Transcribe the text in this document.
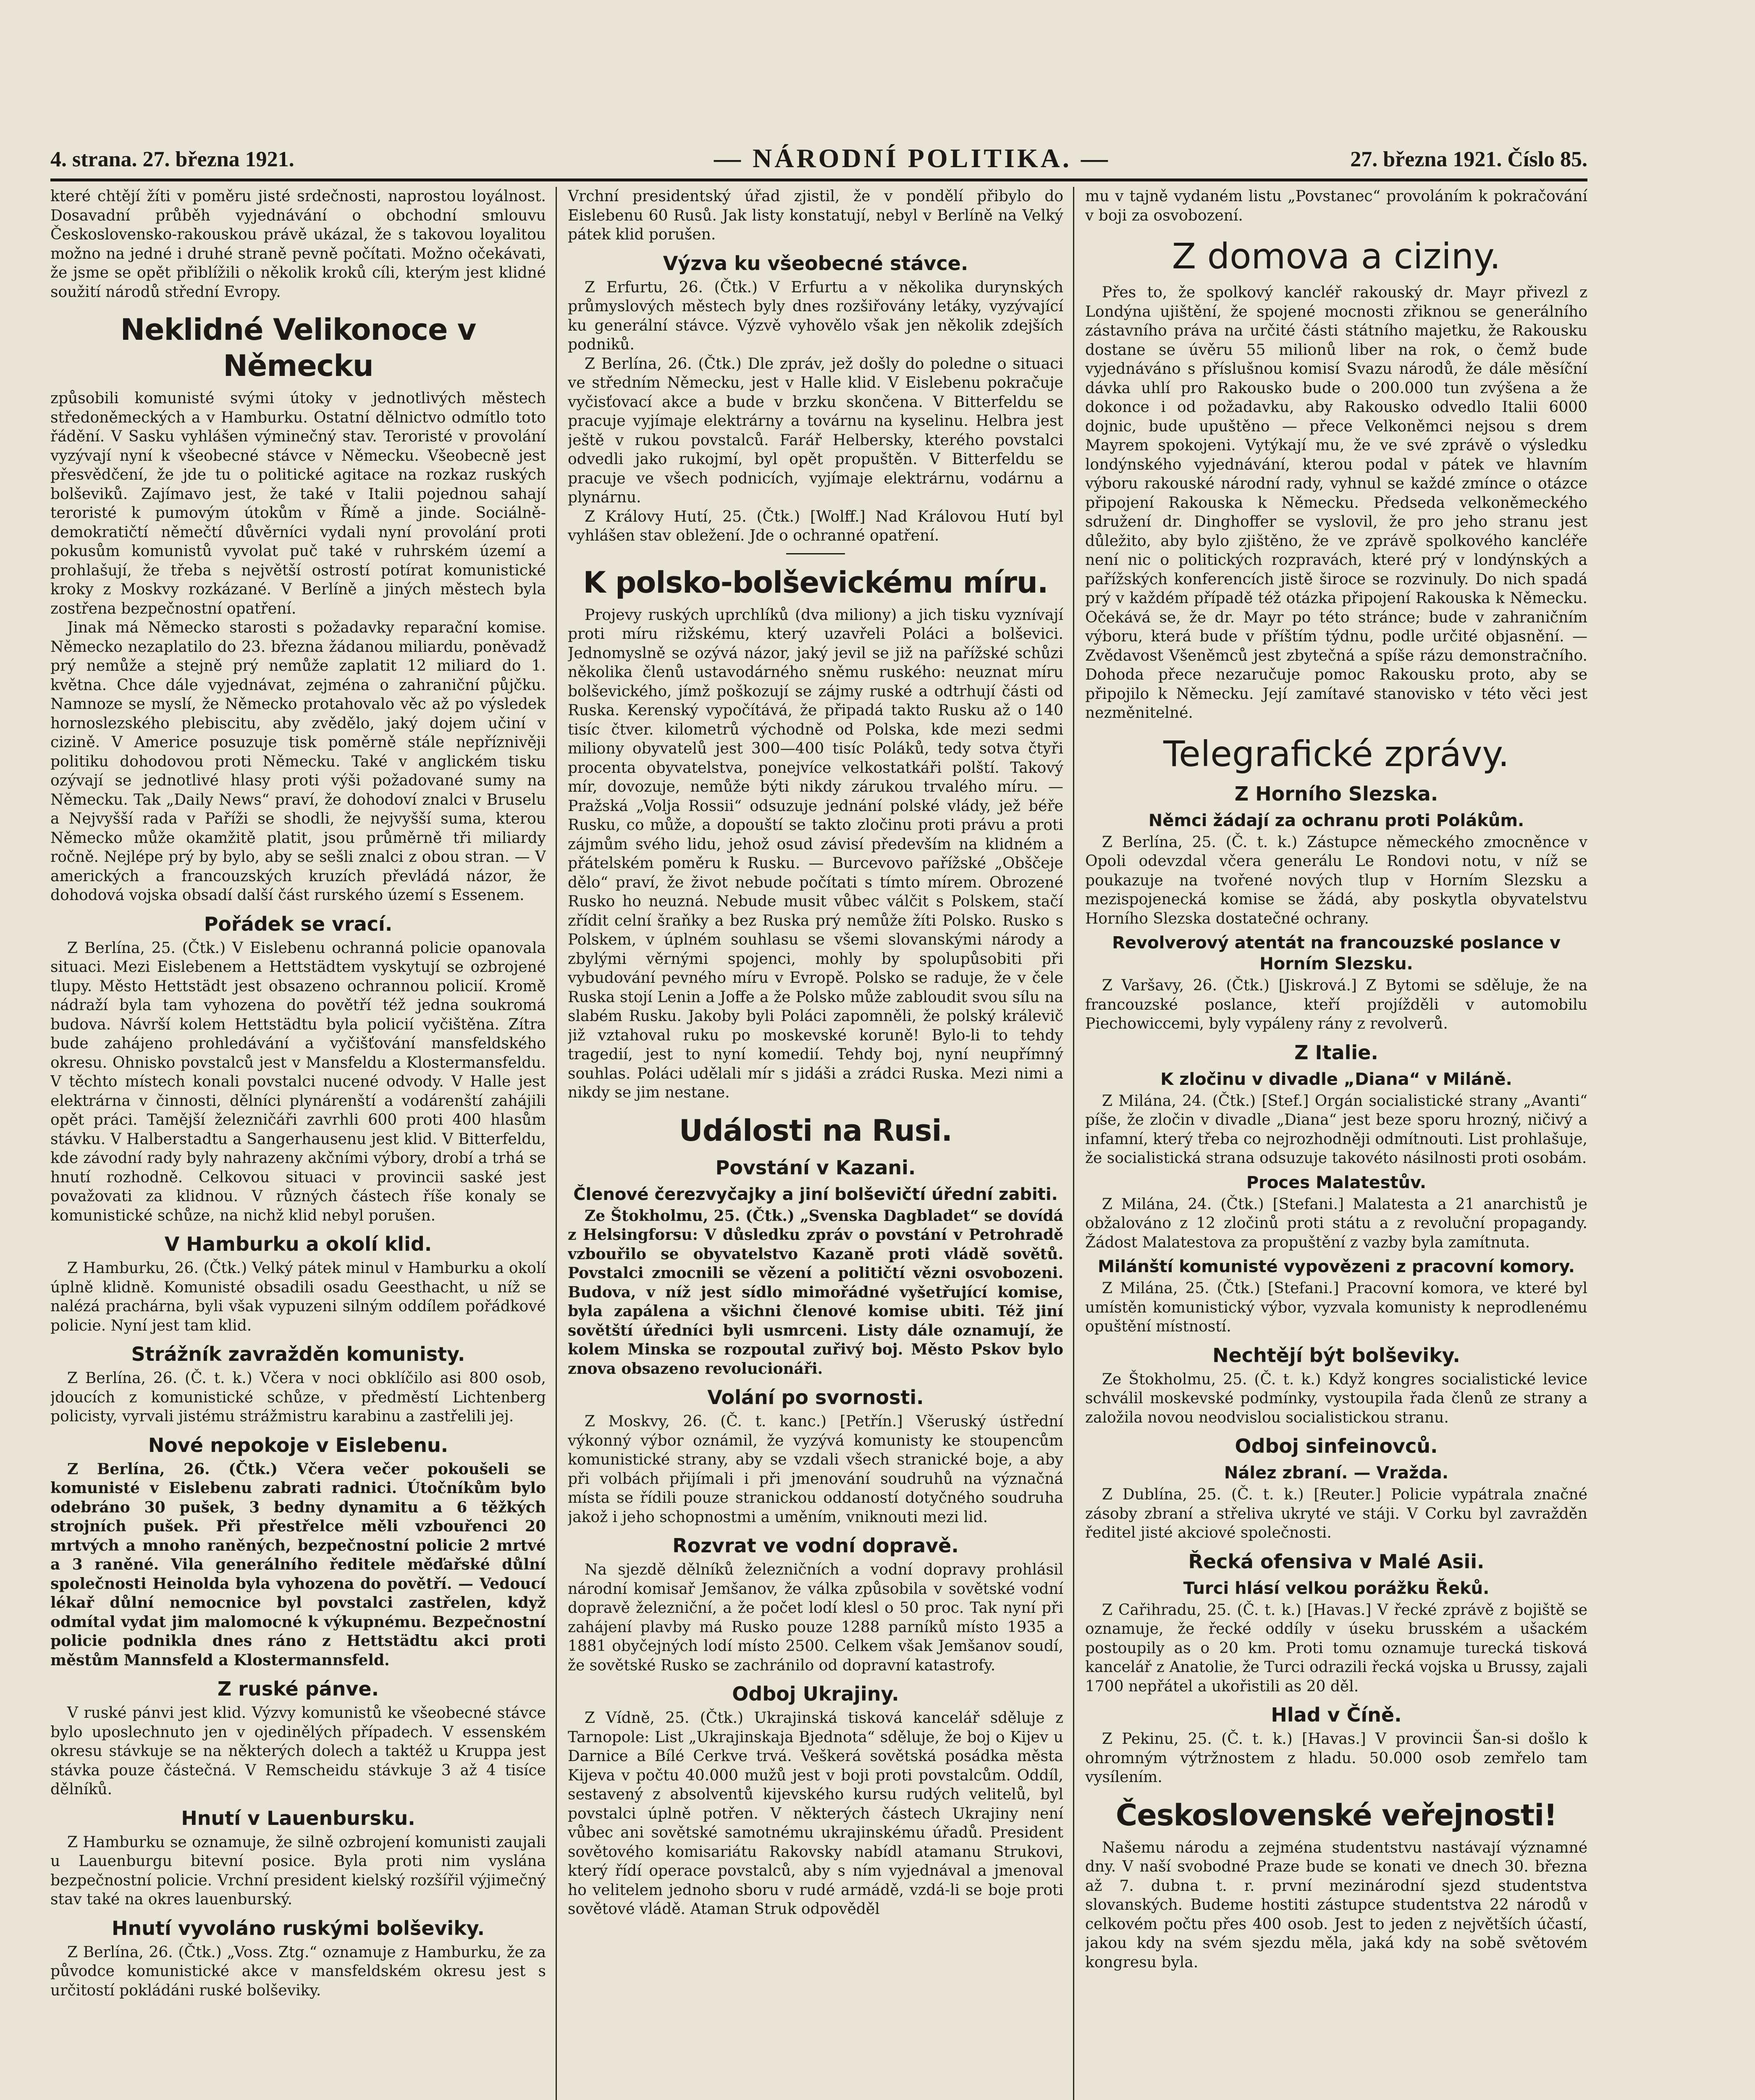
4. strana. 27. března 1921.	— NÁRODNÍ POLITIKA. —	27. března 1921. Číslo 85.

které chtějí žíti v poměru jisté srdečnosti, naprostou loyálnost. Dosavadní průběh vyjednávání o obchodní smlouvu Československo-rakouskou právě ukázal, že s takovou loyalitou možno na jedné i druhé straně pevně počítati. Možno očekávati, že jsme se opět přiblížili o několik kroků cíli, kterým jest klidné soužití národů střední Evropy.

Neklidné Velikonoce v Německu

způsobili komunisté svými útoky v jednotlivých městech středoněmeckých a v Hamburku. Ostatní dělnictvo odmítlo toto řádění. V Sasku vyhlášen výminečný stav. Teroristé v provolání vyzývají nyní k všeobecné stávce v Německu. Všeobecně jest přesvědčení, že jde tu o politické agitace na rozkaz ruských bolševiků. Zajímavo jest, že také v Italii pojednou sahají teroristé k pumovým útokům v Římě a jinde. Sociálně-demokratičtí němečtí důvěrníci vydali nyní provolání proti pokusům komunistů vyvolat puč také v ruhrském území a prohlašují, že třeba s největší ostrostí potírat komunistické kroky z Moskvy rozkázané. V Berlíně a jiných městech byla zostřena bezpečnostní opatření.

Jinak má Německo starosti s požadavky reparační komise. Německo nezaplatilo do 23. března žádanou miliardu, poněvadž prý nemůže a stejně prý nemůže zaplatit 12 miliard do 1. května. Chce dále vyjednávat, zejména o zahraniční půjčku. Namnoze se myslí, že Německo protahovalo věc až po výsledek hornoslezského plebiscitu, aby zvědělo, jaký dojem učiní v cizině. V Americe posuzuje tisk poměrně stále nepříznivěji politiku dohodovou proti Německu. Také v anglickém tisku ozývají se jednotlivé hlasy proti výši požadované sumy na Německu. Tak „Daily News“ praví, že dohodoví znalci v Bruselu a Nejvyšší rada v Paříži se shodli, že nejvyšší suma, kterou Německo může okamžitě platit, jsou průměrně tři miliardy ročně. Nejlépe prý by bylo, aby se sešli znalci z obou stran. — V amerických a francouzských kruzích převládá názor, že dohodová vojska obsadí další část rurského území s Essenem.

Pořádek se vrací.

Z Berlína, 25. (Čtk.) V Eislebenu ochranná policie opanovala situaci. Mezi Eislebenem a Hettstädtem vyskytují se ozbrojené tlupy. Město Hettstädt jest obsazeno ochrannou policií. Kromě nádraží byla tam vyhozena do povětří též jedna soukromá budova. Návrší kolem Hettstädtu byla policií vyčištěna. Zítra bude zahájeno prohledávání a vyčišťování mansfeldského okresu. Ohnisko povstalců jest v Mansfeldu a Klostermansfeldu. V těchto místech konali povstalci nucené odvody. V Halle jest elektrárna v činnosti, dělníci plynárenští a vodárenští zahájili opět práci. Tamější železničáři zavrhli 600 proti 400 hlasům stávku. V Halberstadtu a Sangerhausenu jest klid. V Bitterfeldu, kde závodní rady byly nahrazeny akčními výbory, drobí a trhá se hnutí rozhodně. Celkovou situaci v provincii saské jest považovati za klidnou. V různých částech říše konaly se komunistické schůze, na nichž klid nebyl porušen.

V Hamburku a okolí klid.

Z Hamburku, 26. (Čtk.) Velký pátek minul v Hamburku a okolí úplně klidně. Komunisté obsadili osadu Geesthacht, u níž se nalézá prachárna, byli však vypuzeni silným oddílem pořádkové policie. Nyní jest tam klid.

Strážník zavražděn komunisty.

Z Berlína, 26. (Č. t. k.) Včera v noci obklíčilo asi 800 osob, jdoucích z komunistické schůze, v předměstí Lichtenberg policisty, vyrvali jistému strážmistru karabinu a zastřelili jej.

Nové nepokoje v Eislebenu.

Z Berlína, 26. (Čtk.) Včera večer pokoušeli se komunisté v Eislebenu zabrati radnici. Útočníkům bylo odebráno 30 pušek, 3 bedny dynamitu a 6 těžkých strojních pušek. Při přestřelce měli vzbouřenci 20 mrtvých a mnoho raněných, bezpečnostní policie 2 mrtvé a 3 raněné. Vila generálního ředitele měďařské důlní společnosti Heinolda byla vyhozena do povětří. — Vedoucí lékař důlní nemocnice byl povstalci zastřelen, když odmítal vydat jim malomocné k výkupnému. Bezpečnostní policie podnikla dnes ráno z Hettstädtu akci proti městům Mannsfeld a Klostermannsfeld.

Z ruské pánve.

V ruské pánvi jest klid. Výzvy komunistů ke všeobecné stávce bylo uposlechnuto jen v ojedinělých případech. V essenském okresu stávkuje se na některých dolech a taktéž u Kruppa jest stávka pouze částečná. V Remscheidu stávkuje 3 až 4 tisíce dělníků.

Hnutí v Lauenbursku.

Z Hamburku se oznamuje, že silně ozbrojení komunisti zaujali u Lauenburgu bitevní posice. Byla proti nim vyslána bezpečnostní policie. Vrchní president kielský rozšířil výjimečný stav také na okres lauenburský.

Hnutí vyvoláno ruskými bolševiky.

Z Berlína, 26. (Čtk.) „Voss. Ztg.“ oznamuje z Hamburku, že za původce komunistické akce v mansfeldském okresu jest s určitostí pokládáni ruské bolševiky.

Vrchní presidentský úřad zjistil, že v pondělí přibylo do Eislebenu 60 Rusů. Jak listy konstatují, nebyl v Berlíně na Velký pátek klid porušen.

Výzva ku všeobecné stávce.

Z Erfurtu, 26. (Čtk.) V Erfurtu a v několika durynských průmyslových městech byly dnes rozšiřovány letáky, vyzývající ku generální stávce. Výzvě vyhovělo však jen několik zdejších podniků.

Z Berlína, 26. (Čtk.) Dle zpráv, jež došly do poledne o situaci ve středním Německu, jest v Halle klid. V Eislebenu pokračuje vyčisťovací akce a bude v brzku skončena. V Bitterfeldu se pracuje vyjímaje elektrárny a továrnu na kyselinu. Helbra jest ještě v rukou povstalců. Farář Helbersky, kterého povstalci odvedli jako rukojmí, byl opět propuštěn. V Bitterfeldu se pracuje ve všech podnicích, vyjímaje elektrárnu, vodárnu a plynárnu.

Z Královy Hutí, 25. (Čtk.) [Wolff.] Nad Královou Hutí byl vyhlášen stav obležení. Jde o ochranné opatření.

K polsko-bolševickému míru.

Projevy ruských uprchlíků (dva miliony) a jich tisku vyznívají proti míru rižskému, který uzavřeli Poláci a bolševici. Jednomyslně se ozývá názor, jaký jevil se již na pařížské schůzi několika členů ustavodárného sněmu ruského: neuznat míru bolševického, jímž poškozují se zájmy ruské a odtrhují části od Ruska. Kerenský vypočítává, že připadá takto Rusku až o 140 tisíc čtver. kilometrů východně od Polska, kde mezi sedmi miliony obyvatelů jest 300—400 tisíc Poláků, tedy sotva čtyři procenta obyvatelstva, ponejvíce velkostatkáři polští. Takový mír, dovozuje, nemůže býti nikdy zárukou trvalého míru. — Pražská „Volja Rossii“ odsuzuje jednání polské vlády, jež béře Rusku, co může, a dopouští se takto zločinu proti právu a proti zájmům svého lidu, jehož osud závisí především na klidném a přátelském poměru k Rusku. — Burcevovo pařížské „Obščeje dělo“ praví, že život nebude počítati s tímto mírem. Obrozené Rusko ho neuzná. Nebude musit vůbec válčit s Polskem, stačí zřídit celní šraňky a bez Ruska prý nemůže žíti Polsko. Rusko s Polskem, v úplném souhlasu se všemi slovanskými národy a zbylými věrnými spojenci, mohly by spolupůsobiti při vybudování pevného míru v Evropě. Polsko se raduje, že v čele Ruska stojí Lenin a Joffe a že Polsko může zabloudit svou sílu na slabém Rusku. Jakoby byli Poláci zapomněli, že polský králevič již vztahoval ruku po moskevské koruně! Bylo-li to tehdy tragedií, jest to nyní komedií. Tehdy boj, nyní neupřímný souhlas. Poláci udělali mír s jidáši a zrádci Ruska. Mezi nimi a nikdy se jim nestane.

Události na Rusi.
Povstání v Kazani.
Členové čerezvyčajky a jiní bolševičtí úřední zabiti.

Ze Štokholmu, 25. (Čtk.) „Svenska Dagbladet“ se dovídá z Helsingforsu: V důsledku zpráv o povstání v Petrohradě vzbouřilo se obyvatelstvo Kazaně proti vládě sovětů. Povstalci zmocnili se vězení a političtí vězni osvobozeni. Budova, v níž jest sídlo mimořádné vyšetřující komise, byla zapálena a všichni členové komise ubiti. Též jiní sovětští úředníci byli usmrceni. Listy dále oznamují, že kolem Minska se rozpoutal zuřivý boj. Město Pskov bylo znova obsazeno revolucionáři.

Volání po svornosti.

Z Moskvy, 26. (Č. t. kanc.) [Petřín.] Všeruský ústřední výkonný výbor oznámil, že vyzývá komunisty ke stoupencům komunistické strany, aby se vzdali všech stranické boje, a aby při volbách přijímali i při jmenování soudruhů na význačná místa se řídili pouze stranickou oddaností dotyčného soudruha jakož i jeho schopnostmi a uměním, vniknouti mezi lid.

Rozvrat ve vodní dopravě.

Na sjezdě dělníků železničních a vodní dopravy prohlásil národní komisař Jemšanov, že válka způsobila v sovětské vodní dopravě železniční, a že počet lodí klesl o 50 proc. Tak nyní při zahájení plavby má Rusko pouze 1288 parníků místo 1935 a 1881 obyčejných lodí místo 2500. Celkem však Jemšanov soudí, že sovětské Rusko se zachránilo od dopravní katastrofy.

Odboj Ukrajiny.

Z Vídně, 25. (Čtk.) Ukrajinská tisková kancelář sděluje z Tarnopole: List „Ukrajinskaja Bjednota“ sděluje, že boj o Kijev u Darnice a Bílé Cerkve trvá. Veškerá sovětská posádka města Kijeva v počtu 40.000 mužů jest v boji proti povstalcům. Oddíl, sestavený z absolventů kijevského kursu rudých velitelů, byl povstalci úplně potřen. V některých částech Ukrajiny není vůbec ani sovětské samotnému ukrajinskému úřadů. President sovětového komisariátu Rakovsky nabídl atamanu Strukovi, který řídí operace povstalců, aby s ním vyjednával a jmenoval ho velitelem jednoho sboru v rudé armádě, vzdá-li se boje proti sovětové vládě. Ataman Struk odpověděl

mu v tajně vydaném listu „Povstanec“ provoláním k pokračování v boji za osvobození.

Z domova a ciziny.

Přes to, že spolkový kancléř rakouský dr. Mayr přivezl z Londýna ujištění, že spojené mocnosti zřiknou se generálního zástavního práva na určité části státního majetku, že Rakousku dostane se úvěru 55 milionů liber na rok, o čemž bude vyjednáváno s příslušnou komisí Svazu národů, že dále měsíční dávka uhlí pro Rakousko bude o 200.000 tun zvýšena a že dokonce i od požadavku, aby Rakousko odvedlo Italii 6000 dojnic, bude upuštěno — přece Velkoněmci nejsou s drem Mayrem spokojeni. Vytýkají mu, že ve své zprávě o výsledku londýnského vyjednávání, kterou podal v pátek ve hlavním výboru rakouské národní rady, vyhnul se každé zmínce o otázce připojení Rakouska k Německu. Předseda velkoněmeckého sdružení dr. Dinghoffer se vyslovil, že pro jeho stranu jest důležito, aby bylo zjištěno, že ve zprávě spolkového kancléře není nic o politických rozpravách, které prý v londýnských a pařížských konferencích jistě široce se rozvinuly. Do nich spadá prý v každém případě též otázka připojení Rakouska k Německu. Očekává se, že dr. Mayr po této stránce; bude v zahraničním výboru, která bude v příštím týdnu, podle určité objasnění. — Zvědavost Všeněmců jest zbytečná a spíše rázu demonstračního. Dohoda přece nezaručuje pomoc Rakousku proto, aby se připojilo k Německu. Její zamítavé stanovisko v této věci jest nezměnitelné.

Telegrafické zprávy.
Z Horního Slezska.
Němci žádají za ochranu proti Polákům.

Z Berlína, 25. (Č. t. k.) Zástupce německého zmocněnce v Opoli odevzdal včera generálu Le Rondovi notu, v níž se poukazuje na tvořené nových tlup v Horním Slezsku a mezispojenecká komise se žádá, aby poskytla obyvatelstvu Horního Slezska dostatečné ochrany.

Revolverový atentát na francouzské poslance v Horním Slezsku.

Z Varšavy, 26. (Čtk.) [Jiskrová.] Z Bytomi se sděluje, že na francouzské poslance, kteří projížděli v automobilu Piechowiccemi, byly vypáleny rány z revolverů.

Z Italie.
K zločinu v divadle „Diana“ v Miláně.

Z Milána, 24. (Čtk.) [Stef.] Orgán socialistické strany „Avanti“ píše, že zločin v divadle „Diana“ jest beze sporu hrozný, ničivý a infamní, který třeba co nejrozhodněji odmítnouti. List prohlašuje, že socialistická strana odsuzuje takovéto násilnosti proti osobám.

Proces Malatestův.

Z Milána, 24. (Čtk.) [Stefani.] Malatesta a 21 anarchistů je obžalováno z 12 zločinů proti státu a z revoluční propagandy. Žádost Malatestova za propuštění z vazby byla zamítnuta.

Milánští komunisté vypovězeni z pracovní komory.

Z Milána, 25. (Čtk.) [Stefani.] Pracovní komora, ve které byl umístěn komunistický výbor, vyzvala komunisty k neprodlenému opuštění místností.

Nechtějí být bolševiky.

Ze Štokholmu, 25. (Č. t. k.) Když kongres socialistické levice schválil moskevské podmínky, vystoupila řada členů ze strany a založila novou neodvislou socialistickou stranu.

Odboj sinfeinovců.
Nález zbraní. — Vražda.

Z Dublína, 25. (Č. t. k.) [Reuter.] Policie vypátrala značné zásoby zbraní a střeliva ukryté ve stáji. V Corku byl zavražděn ředitel jisté akciové společnosti.

Řecká ofensiva v Malé Asii.
Turci hlásí velkou porážku Řeků.

Z Cařihradu, 25. (Č. t. k.) [Havas.] V řecké zprávě z bojiště se oznamuje, že řecké oddíly v úseku brusském a ušackém postoupily as o 20 km. Proti tomu oznamuje turecká tisková kancelář z Anatolie, že Turci odrazili řecká vojska u Brussy, zajali 1700 nepřátel a ukořistili as 20 děl.

Hlad v Číně.

Z Pekinu, 25. (Č. t. k.) [Havas.] V provincii Šan-si došlo k ohromným výtržnostem z hladu. 50.000 osob zemřelo tam vysílením.

Československé veřejnosti!

Našemu národu a zejména studentstvu nastávají významné dny. V naší svobodné Praze bude se konati ve dnech 30. března až 7. dubna t. r. první mezinárodní sjezd studentstva slovanských. Budeme hostiti zástupce studentstva 22 národů v celkovém počtu přes 400 osob. Jest to jeden z největších účastí, jakou kdy na svém sjezdu měla, jaká kdy na sobě světovém kongresu byla.
